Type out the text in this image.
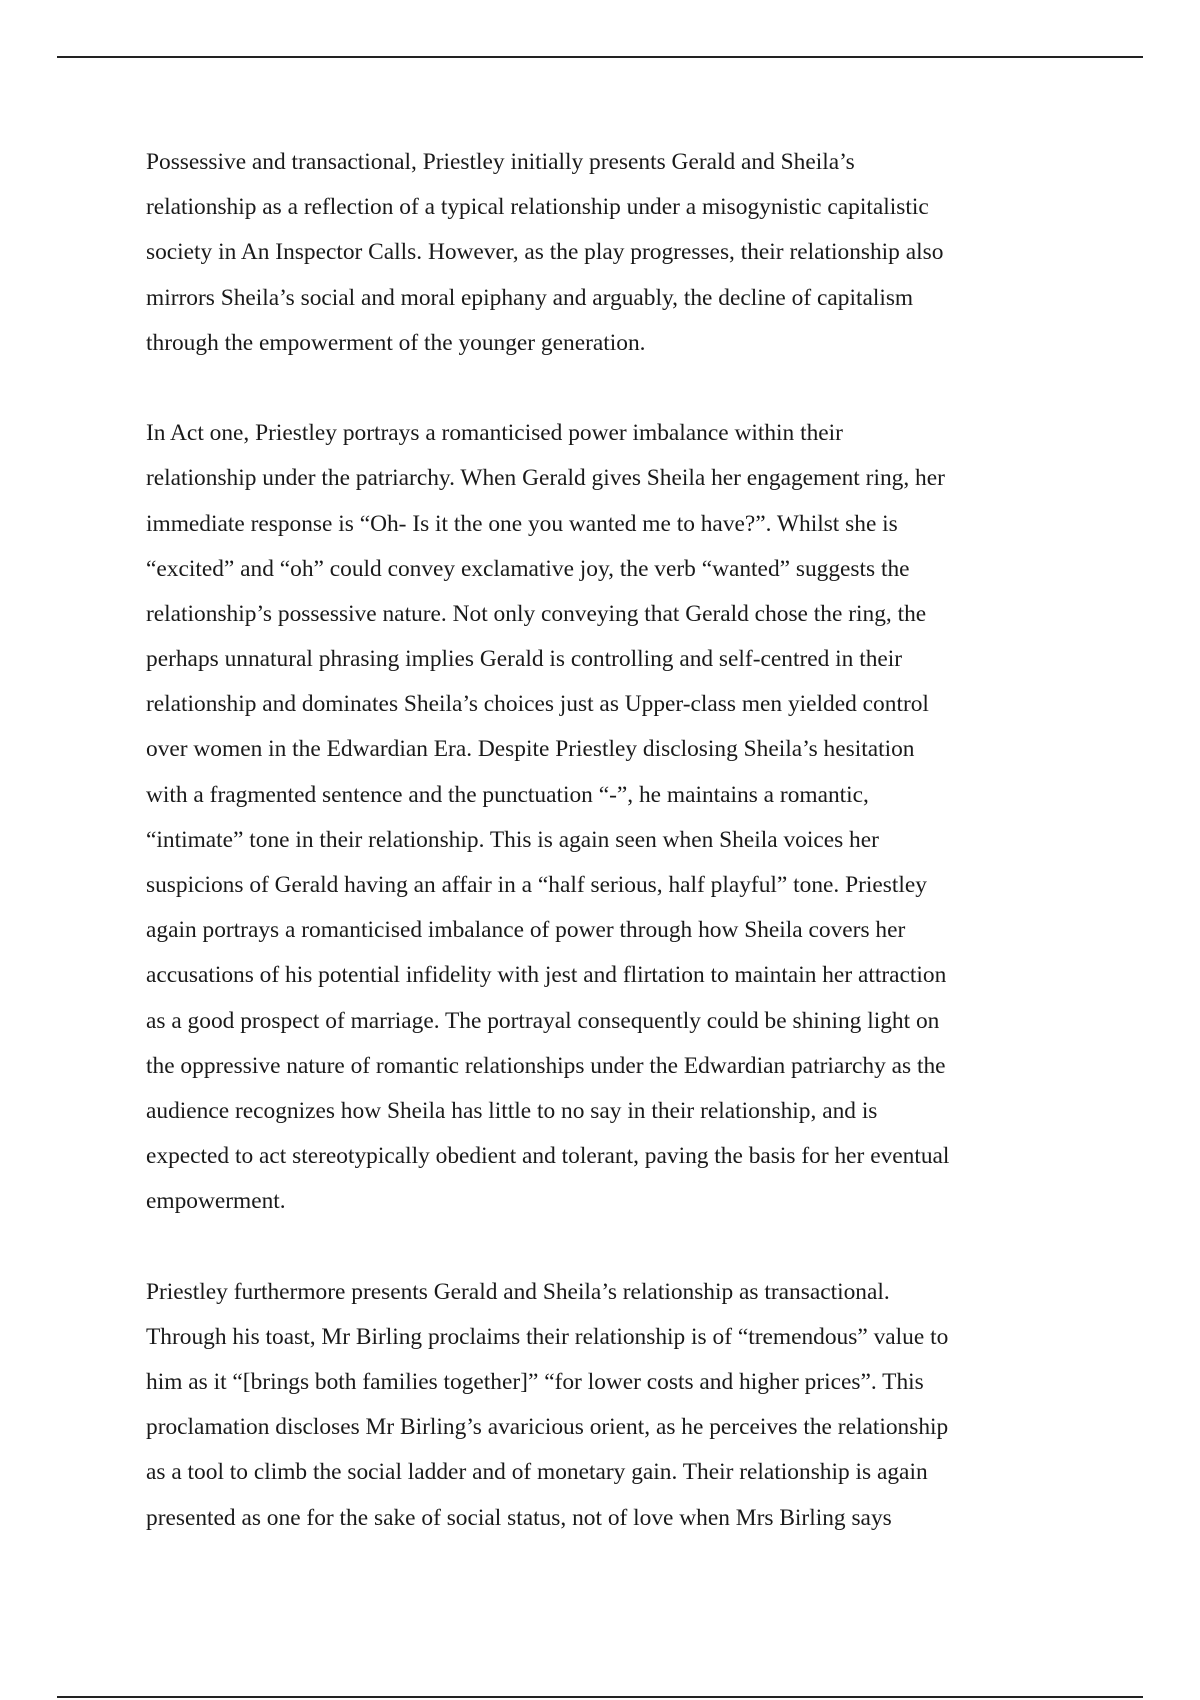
Possessive and transactional, Priestley initially presents Gerald and Sheila’s
relationship as a reflection of a typical relationship under a misogynistic capitalistic
society in An Inspector Calls. However, as the play progresses, their relationship also
mirrors Sheila’s social and moral epiphany and arguably, the decline of capitalism
through the empowerment of the younger generation.
In Act one, Priestley portrays a romanticised power imbalance within their
relationship under the patriarchy. When Gerald gives Sheila her engagement ring, her
immediate response is “Oh- Is it the one you wanted me to have?”. Whilst she is
“excited” and “oh” could convey exclamative joy, the verb “wanted” suggests the
relationship’s possessive nature. Not only conveying that Gerald chose the ring, the
perhaps unnatural phrasing implies Gerald is controlling and self-centred in their
relationship and dominates Sheila’s choices just as Upper-class men yielded control
over women in the Edwardian Era. Despite Priestley disclosing Sheila’s hesitation
with a fragmented sentence and the punctuation “-”, he maintains a romantic,
“intimate” tone in their relationship. This is again seen when Sheila voices her
suspicions of Gerald having an affair in a “half serious, half playful” tone. Priestley
again portrays a romanticised imbalance of power through how Sheila covers her
accusations of his potential infidelity with jest and flirtation to maintain her attraction
as a good prospect of marriage. The portrayal consequently could be shining light on
the oppressive nature of romantic relationships under the Edwardian patriarchy as the
audience recognizes how Sheila has little to no say in their relationship, and is
expected to act stereotypically obedient and tolerant, paving the basis for her eventual
empowerment.
Priestley furthermore presents Gerald and Sheila’s relationship as transactional.
Through his toast, Mr Birling proclaims their relationship is of “tremendous” value to
him as it “[brings both families together]” “for lower costs and higher prices”. This
proclamation discloses Mr Birling’s avaricious orient, as he perceives the relationship
as a tool to climb the social ladder and of monetary gain. Their relationship is again
presented as one for the sake of social status, not of love when Mrs Birling says
